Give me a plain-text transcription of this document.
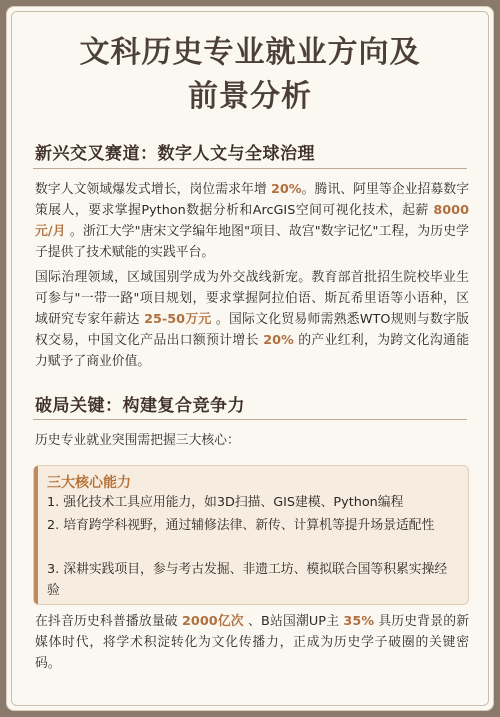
文科历史专业就业方向及
前景分析
新兴交叉赛道：数字人文与全球治理
数字人文领域爆发式增长，岗位需求年增 20%。腾讯、阿里等企业招募数字策展人，要求掌握Python数据分析和ArcGIS空间可视化技术，起薪 8000元/月 。浙江大学"唐宋文学编年地图"项目、故宫"数字记忆"工程，为历史学子提供了技术赋能的实践平台。
国际治理领域，区域国别学成为外交战线新宠。教育部首批招生院校毕业生可参与"一带一路"项目规划，要求掌握阿拉伯语、斯瓦希里语等小语种，区域研究专家年薪达 25-50万元 。国际文化贸易师需熟悉WTO规则与数字版权交易，中国文化产品出口额预计增长 20% 的产业红利，为跨文化沟通能力赋予了商业价值。
破局关键：构建复合竞争力
历史专业就业突围需把握三大核心：
三大核心能力
1. 强化技术工具应用能力，如3D扫描、GIS建模、Python编程
2. 培育跨学科视野，通过辅修法律、新传、计算机等提升场景适配性
3. 深耕实践项目，参与考古发掘、非遗工坊、模拟联合国等积累实操经验
在抖音历史科普播放量破 2000亿次 、B站国潮UP主 35% 具历史背景的新媒体时代，将学术积淀转化为文化传播力，正成为历史学子破圈的关键密码。
